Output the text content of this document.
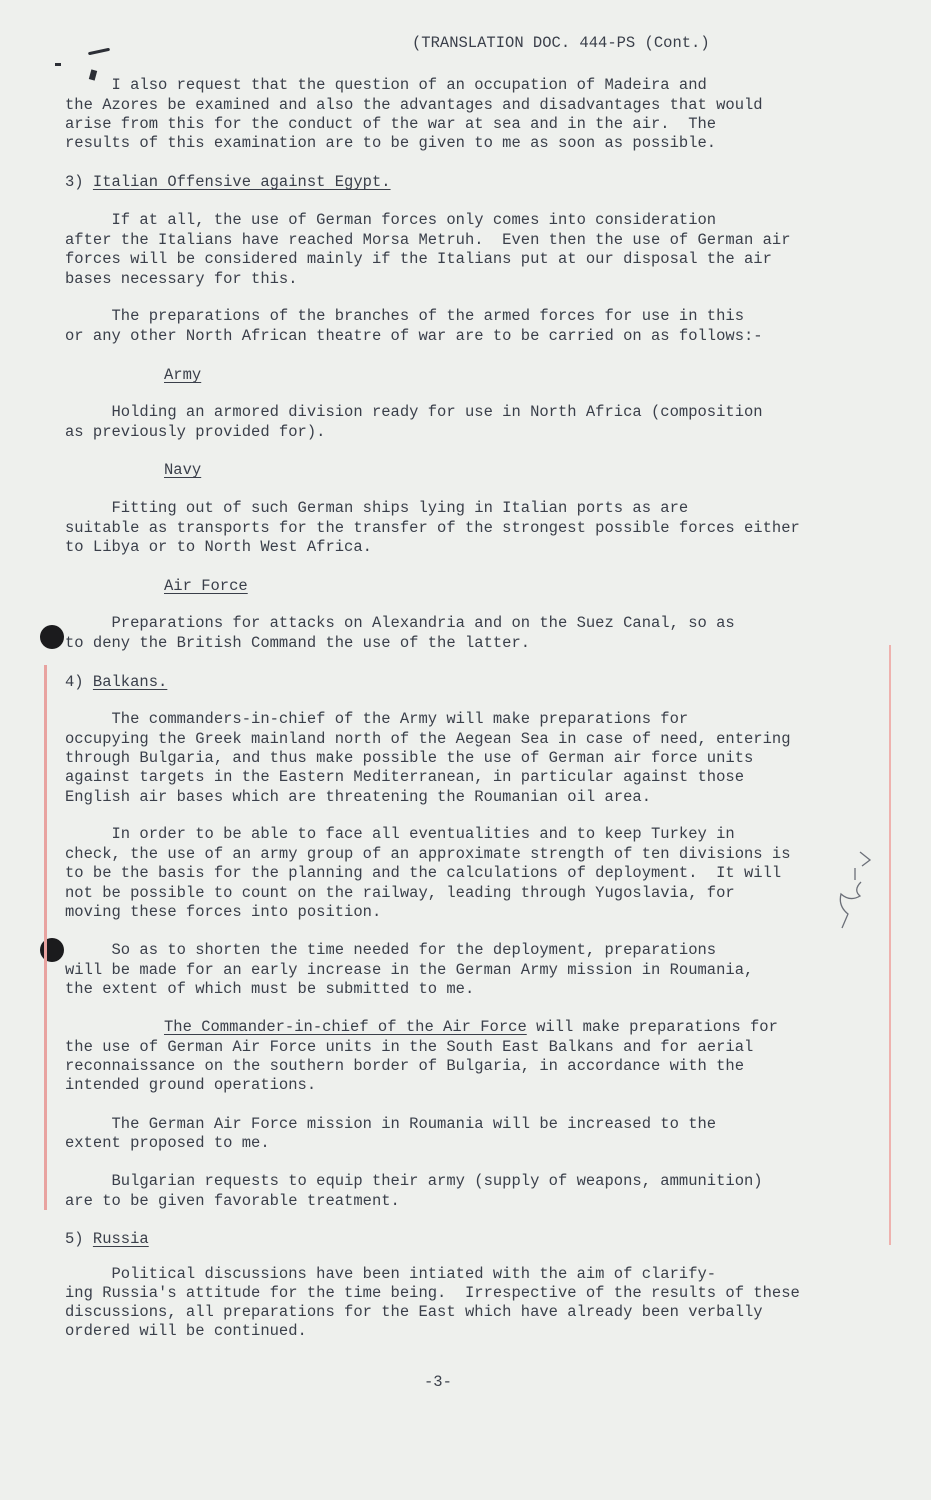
(TRANSLATION DOC. 444-PS (Cont.)

I also request that the question of an occupation of Madeira and

the Azores be examined and also the advantages and disadvantages that would

arise from this for the conduct of the war at sea and in the air.  The

results of this examination are to be given to me as soon as possible.

3) Italian Offensive against Egypt.

If at all, the use of German forces only comes into consideration

after the Italians have reached Morsa Metruh.  Even then the use of German air

forces will be considered mainly if the Italians put at our disposal the air

bases necessary for this.

The preparations of the branches of the armed forces for use in this

or any other North African theatre of war are to be carried on as follows:-

Army

Holding an armored division ready for use in North Africa (composition

as previously provided for).

Navy

Fitting out of such German ships lying in Italian ports as are

suitable as transports for the transfer of the strongest possible forces either

to Libya or to North West Africa.

Air Force

Preparations for attacks on Alexandria and on the Suez Canal, so as

to deny the British Command the use of the latter.

4) Balkans.

The commanders-in-chief of the Army will make preparations for

occupying the Greek mainland north of the Aegean Sea in case of need, entering

through Bulgaria, and thus make possible the use of German air force units

against targets in the Eastern Mediterranean, in particular against those

English air bases which are threatening the Roumanian oil area.

In order to be able to face all eventualities and to keep Turkey in

check, the use of an army group of an approximate strength of ten divisions is

to be the basis for the planning and the calculations of deployment.  It will

not be possible to count on the railway, leading through Yugoslavia, for

moving these forces into position.

So as to shorten the time needed for the deployment, preparations

will be made for an early increase in the German Army mission in Roumania,

the extent of which must be submitted to me.

The Commander-in-chief of the Air Force will make preparations for

the use of German Air Force units in the South East Balkans and for aerial

reconnaissance on the southern border of Bulgaria, in accordance with the

intended ground operations.

The German Air Force mission in Roumania will be increased to the

extent proposed to me.

Bulgarian requests to equip their army (supply of weapons, ammunition)

are to be given favorable treatment.

5) Russia

Political discussions have been intiated with the aim of clarify-

ing Russia's attitude for the time being.  Irrespective of the results of these

discussions, all preparations for the East which have already been verbally

ordered will be continued.

-3-
